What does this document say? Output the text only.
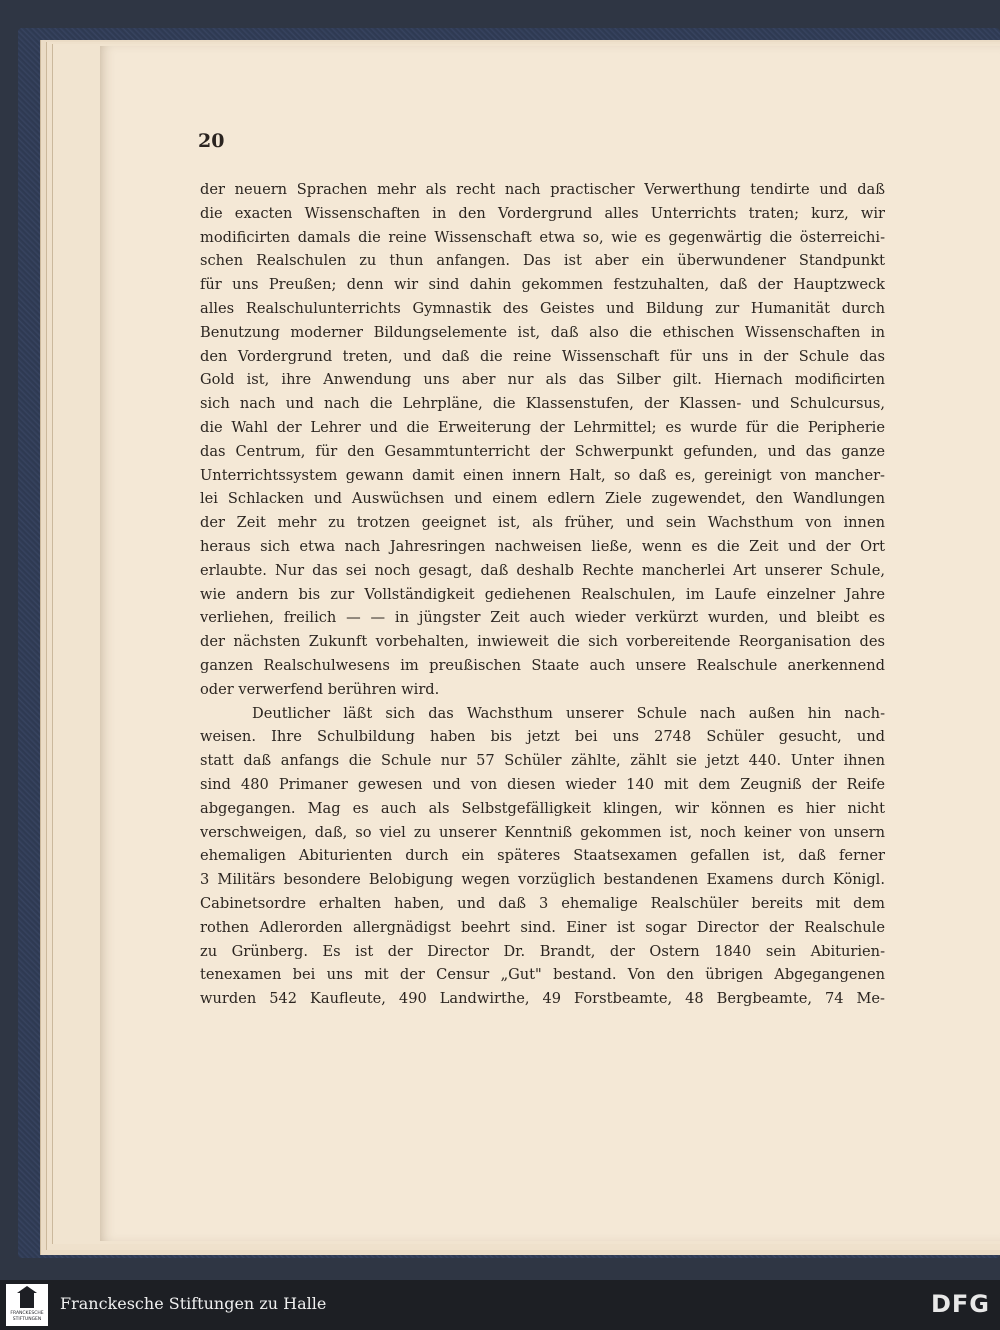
20
der neuern Sprachen mehr als recht nach practischer Verwerthung tendirte und daß
die exacten Wissenschaften in den Vordergrund alles Unterrichts traten; kurz, wir
modificirten damals die reine Wissenschaft etwa so, wie es gegenwärtig die österreichi-
schen Realschulen zu thun anfangen. Das ist aber ein überwundener Standpunkt
für uns Preußen; denn wir sind dahin gekommen festzuhalten, daß der Hauptzweck
alles Realschulunterrichts Gymnastik des Geistes und Bildung zur Humanität durch
Benutzung moderner Bildungselemente ist, daß also die ethischen Wissenschaften in
den Vordergrund treten, und daß die reine Wissenschaft für uns in der Schule das
Gold ist, ihre Anwendung uns aber nur als das Silber gilt. Hiernach modificirten
sich nach und nach die Lehrpläne, die Klassenstufen, der Klassen- und Schulcursus,
die Wahl der Lehrer und die Erweiterung der Lehrmittel; es wurde für die Peripherie
das Centrum, für den Gesammtunterricht der Schwerpunkt gefunden, und das ganze
Unterrichtssystem gewann damit einen innern Halt, so daß es, gereinigt von mancher-
lei Schlacken und Auswüchsen und einem edlern Ziele zugewendet, den Wandlungen
der Zeit mehr zu trotzen geeignet ist, als früher, und sein Wachsthum von innen
heraus sich etwa nach Jahresringen nachweisen ließe, wenn es die Zeit und der Ort
erlaubte. Nur das sei noch gesagt, daß deshalb Rechte mancherlei Art unserer Schule,
wie andern bis zur Vollständigkeit gediehenen Realschulen, im Laufe einzelner Jahre
verliehen, freilich — — in jüngster Zeit auch wieder verkürzt wurden, und bleibt es
der nächsten Zukunft vorbehalten, inwieweit die sich vorbereitende Reorganisation des
ganzen Realschulwesens im preußischen Staate auch unsere Realschule anerkennend
oder verwerfend berühren wird.
Deutlicher läßt sich das Wachsthum unserer Schule nach außen hin nach-
weisen. Ihre Schulbildung haben bis jetzt bei uns 2748 Schüler gesucht, und
statt daß anfangs die Schule nur 57 Schüler zählte, zählt sie jetzt 440. Unter ihnen
sind 480 Primaner gewesen und von diesen wieder 140 mit dem Zeugniß der Reife
abgegangen. Mag es auch als Selbstgefälligkeit klingen, wir können es hier nicht
verschweigen, daß, so viel zu unserer Kenntniß gekommen ist, noch keiner von unsern
ehemaligen Abiturienten durch ein späteres Staatsexamen gefallen ist, daß ferner
3 Militärs besondere Belobigung wegen vorzüglich bestandenen Examens durch Königl.
Cabinetsordre erhalten haben, und daß 3 ehemalige Realschüler bereits mit dem
rothen Adlerorden allergnädigst beehrt sind. Einer ist sogar Director der Realschule
zu Grünberg. Es ist der Director Dr. Brandt, der Ostern 1840 sein Abiturien-
tenexamen bei uns mit der Censur „Gut" bestand. Von den übrigen Abgegangenen
wurden 542 Kaufleute, 490 Landwirthe, 49 Forstbeamte, 48 Bergbeamte, 74 Me-
FRANCKESCHE
STIFTUNGEN
Franckesche Stiftungen zu Halle	DFG
